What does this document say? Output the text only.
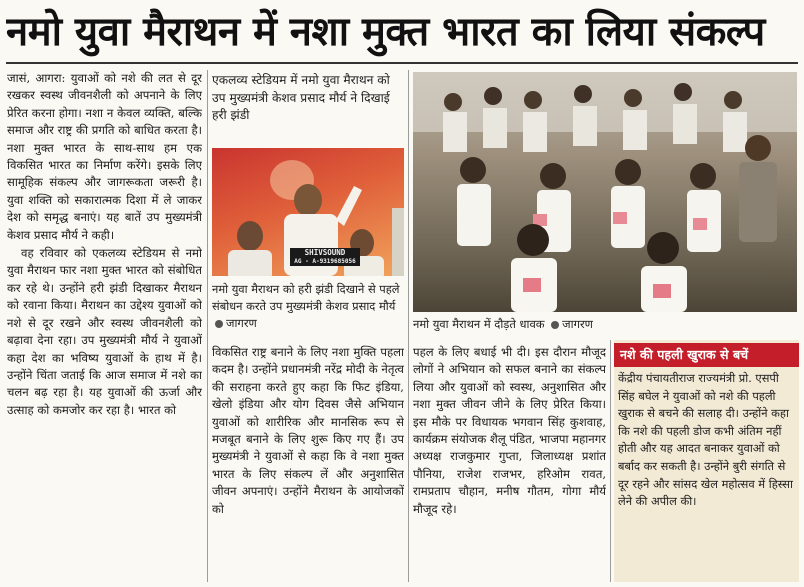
नमो युवा मैराथन में नशा मुक्त भारत का लिया संकल्प

जासं, आगरा: युवाओं को नशे की लत से दूर रखकर स्वस्थ जीवनशैली को अपनाने के लिए प्रेरित करना होगा। नशा न केवल व्यक्ति, बल्कि समाज और राष्ट्र की प्रगति को बाधित करता है। नशा मुक्त भारत के साथ-साथ हम एक विकसित भारत का निर्माण करेंगे। इसके लिए सामूहिक संकल्प और जागरूकता जरूरी है। युवा शक्ति को सकारात्मक दिशा में ले जाकर देश को समृद्ध बनाएं। यह बातें उप मुख्यमंत्री केशव प्रसाद मौर्य ने कही।

वह रविवार को एकलव्य स्टेडियम से नमो युवा मैराथन फार नशा मुक्त भारत को संबोधित कर रहे थे। उन्होंने हरी झंडी दिखाकर मैराथन को रवाना किया। मैराथन का उद्देश्य युवाओं को नशे से दूर रखने और स्वस्थ जीवनशैली को बढ़ावा देना रहा। उप मुख्यमंत्री मौर्य ने युवाओं कहा देश का भविष्य युवाओं के हाथ में है। उन्होंने चिंता जताई कि आज समाज में नशे का चलन बढ़ रहा है। यह युवाओं की ऊर्जा और उत्साह को कमजोर कर रहा है। भारत को

एकलव्य स्टेडियम में नमो युवा मैराथन को उप मुख्यमंत्री केशव प्रसाद मौर्य ने दिखाई हरी झंडी
SHIVSOUND
AG - A-9319685056
नमो युवा मैराथन को हरी झंडी दिखाने से पहले संबोधन करते उप मुख्यमंत्री केशव प्रसाद मौर्य जागरण	नमो युवा मैराथन में दौड़ते धावक जागरण

विकसित राष्ट्र बनाने के लिए नशा मुक्ति पहला कदम है। उन्होंने प्रधानमंत्री नरेंद्र मोदी के नेतृत्व की सराहना करते हुए कहा कि फिट इंडिया, खेलो इंडिया और योग दिवस जैसे अभियान युवाओं को शारीरिक और मानसिक रूप से मजबूत बनाने के लिए शुरू किए गए हैं। उप मुख्यमंत्री ने युवाओं से कहा कि वे नशा मुक्त भारत के लिए संकल्प लें और अनुशासित जीवन अपनाएं। उन्होंने मैराथन के आयोजकों को

पहल के लिए बधाई भी दी। इस दौरान मौजूद लोगों ने अभियान को सफल बनाने का संकल्प लिया और युवाओं को स्वस्थ, अनुशासित और नशा मुक्त जीवन जीने के लिए प्रेरित किया। इस मौके पर विधायक भगवान सिंह कुशवाह, कार्यक्रम संयोजक शैलू पंडित, भाजपा महानगर अध्यक्ष राजकुमार गुप्ता, जिलाध्यक्ष प्रशांत पौनिया, राजेश राजभर, हरिओम रावत, रामप्रताप चौहान, मनीष गौतम, गोगा मौर्य मौजूद रहे।

नशे की पहली खुराक से बचें
केंद्रीय पंचायतीराज राज्यमंत्री प्रो. एसपी सिंह बघेल ने युवाओं को नशे की पहली खुराक से बचने की सलाह दी। उन्होंने कहा कि नशे की पहली डोज कभी अंतिम नहीं होती और यह आदत बनाकर युवाओं को बर्बाद कर सकती है। उन्होंने बुरी संगति से दूर रहने और सांसद खेल महोत्सव में हिस्सा लेने की अपील की।
